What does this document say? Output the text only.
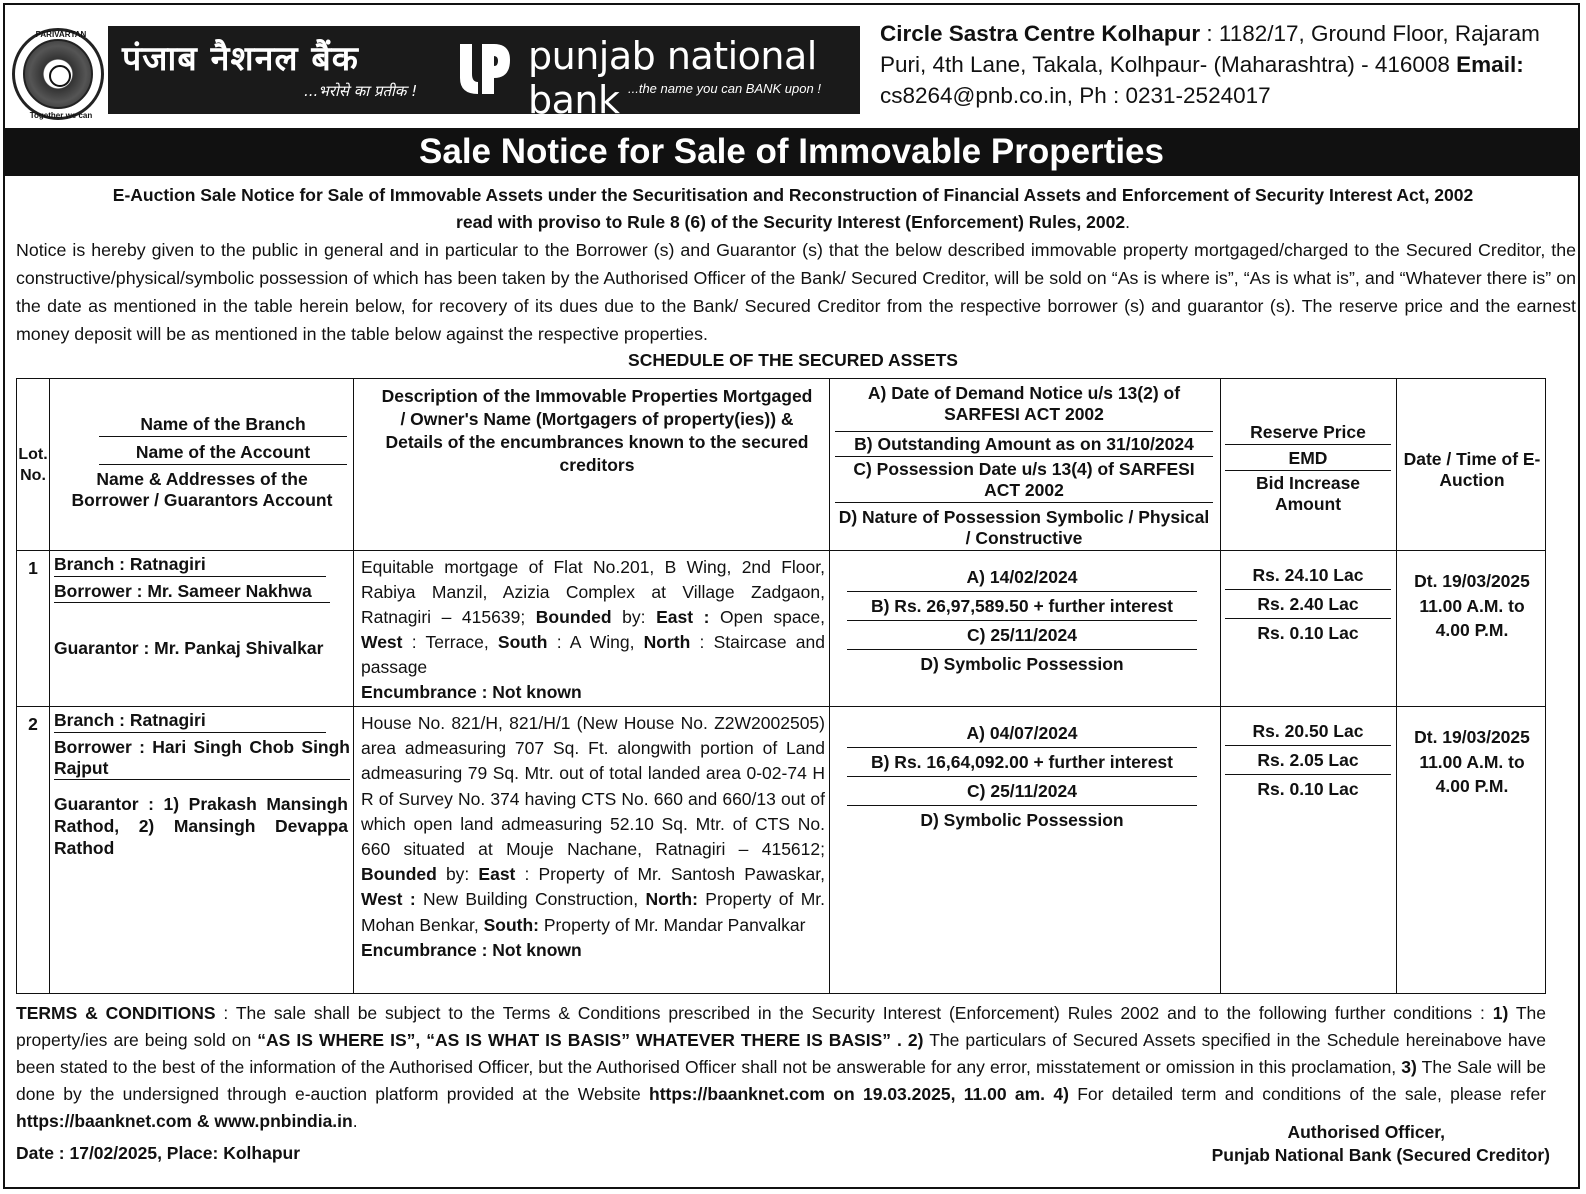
PARIVARTAN
Together we can
पंजाब नैशनल बैंक
...भरोसे का प्रतीक !
punjab national bank ...the name you can BANK upon !
Circle Sastra Centre Kolhapur : 1182/17, Ground Floor, Rajaram Puri, 4th Lane, Takala, Kolhpaur- (Maharashtra) - 416008 Email: cs8264@pnb.co.in, Ph : 0231-2524017
Sale Notice for Sale of Immovable Properties
E-Auction Sale Notice for Sale of Immovable Assets under the Securitisation and Reconstruction of Financial Assets and Enforcement of Security Interest Act, 2002
read with proviso to Rule 8 (6) of the Security Interest (Enforcement) Rules, 2002.
Notice is hereby given to the public in general and in particular to the Borrower (s) and Guarantor (s) that the below described immovable property mortgaged/charged to the Secured Creditor, the constructive/physical/symbolic possession of which has been taken by the Authorised Officer of the Bank/ Secured Creditor, will be sold on “As is where is”, “As is what is”, and “Whatever there is” on the date as mentioned in the table herein below, for recovery of its dues due to the Bank/ Secured Creditor from the respective borrower (s) and guarantor (s). The reserve price and the earnest money deposit will be as mentioned in the table below against the respective properties.
SCHEDULE OF THE SECURED ASSETS
Lot. No.
Name of the Branch
Name of the Account
Name & Addresses of the Borrower / Guarantors Account
Description of the Immovable Properties Mortgaged / Owner's Name (Mortgagers of property(ies)) & Details of the encumbrances known to the secured creditors
A) Date of Demand Notice u/s 13(2) of SARFESI ACT 2002
B) Outstanding Amount as on 31/10/2024
C) Possession Date u/s 13(4) of SARFESI ACT 2002
D) Nature of Possession Symbolic / Physical / Constructive
Reserve Price
EMD
Bid Increase Amount
Date / Time of E-Auction
1 Branch : Ratnagiri
Borrower : Mr. Sameer Nakhwa
Guarantor : Mr. Pankaj Shivalkar
Equitable mortgage of Flat No.201, B Wing, 2nd Floor, Rabiya Manzil, Azizia Complex at Village Zadgaon, Ratnagiri – 415639; Bounded by: East : Open space, West : Terrace, South : A Wing, North : Staircase and passage
Encumbrance : Not known
A) 14/02/2024
B) Rs. 26,97,589.50 + further interest
C) 25/11/2024
D) Symbolic Possession
Rs. 24.10 Lac
Rs. 2.40 Lac
Rs. 0.10 Lac
Dt. 19/03/2025 11.00 A.M. to 4.00 P.M.
2 Branch : Ratnagiri
Borrower : Hari Singh Chob Singh Rajput
Guarantor : 1) Prakash Mansingh Rathod, 2) Mansingh Devappa Rathod
House No. 821/H, 821/H/1 (New House No. Z2W2002505) area admeasuring 707 Sq. Ft. alongwith portion of Land admeasuring 79 Sq. Mtr. out of total landed area 0-02-74 H R of Survey No. 374 having CTS No. 660 and 660/13 out of which open land admeasuring 52.10 Sq. Mtr. of CTS No. 660 situated at Mouje Nachane, Ratnagiri – 415612; Bounded by: East : Property of Mr. Santosh Pawaskar, West : New Building Construction, North: Property of Mr. Mohan Benkar, South: Property of Mr. Mandar Panvalkar
Encumbrance : Not known
A) 04/07/2024
B) Rs. 16,64,092.00 + further interest
C) 25/11/2024
D) Symbolic Possession
Rs. 20.50 Lac
Rs. 2.05 Lac
Rs. 0.10 Lac
Dt. 19/03/2025 11.00 A.M. to 4.00 P.M.
TERMS & CONDITIONS : The sale shall be subject to the Terms & Conditions prescribed in the Security Interest (Enforcement) Rules 2002 and to the following further conditions : 1) The property/ies are being sold on “AS IS WHERE IS”, “AS IS WHAT IS BASIS” WHATEVER THERE IS BASIS” . 2) The particulars of Secured Assets specified in the Schedule hereinabove have been stated to the best of the information of the Authorised Officer, but the Authorised Officer shall not be answerable for any error, misstatement or omission in this proclamation, 3) The Sale will be done by the undersigned through e-auction platform provided at the Website https://baanknet.com on 19.03.2025, 11.00 am. 4) For detailed term and conditions of the sale, please refer https://baanknet.com & www.pnbindia.in.
Date : 17/02/2025, Place: Kolhapur
Authorised Officer,
Punjab National Bank (Secured Creditor)
